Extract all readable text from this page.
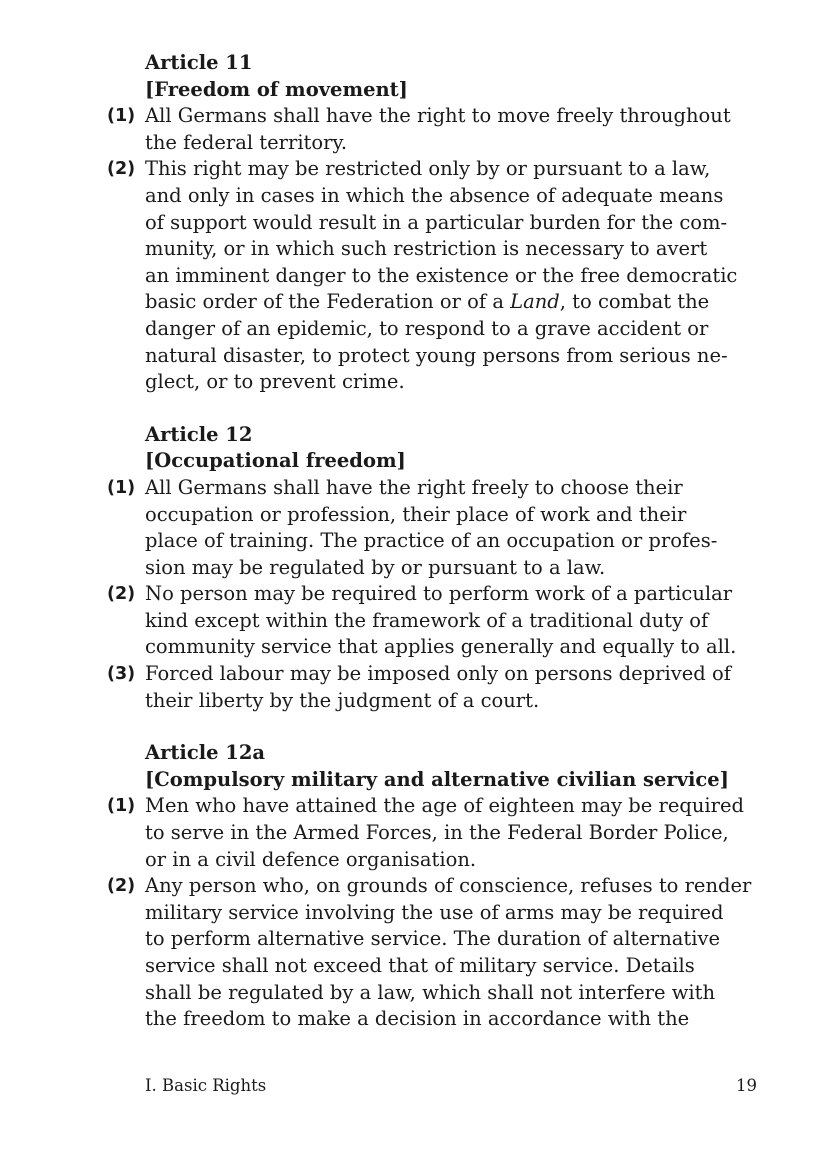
Article 11
[Freedom of movement]
(1) All Germans shall have the right to move freely throughout
the federal territory.
(2) This right may be restricted only by or pursuant to a law,
and only in cases in which the absence of adequate means
of support would result in a particular burden for the com-
munity, or in which such restriction is necessary to avert
an imminent danger to the existence or the free democratic
basic order of the Federation or of a Land, to combat the
danger of an epidemic, to respond to a grave accident or
natural disaster, to protect young persons from serious ne-
glect, or to prevent crime.
Article 12
[Occupational freedom]
(1) All Germans shall have the right freely to choose their
occupation or profession, their place of work and their
place of training. The practice of an occupation or profes-
sion may be regulated by or pursuant to a law.
(2) No person may be required to perform work of a particular
kind except within the framework of a traditional duty of
community service that applies generally and equally to all.
(3) Forced labour may be imposed only on persons deprived of
their liberty by the judgment of a court.
Article 12a
[Compulsory military and alternative civilian service]
(1) Men who have attained the age of eighteen may be required
to serve in the Armed Forces, in the Federal Border Police,
or in a civil defence organisation.
(2) Any person who, on grounds of conscience, refuses to render
military service involving the use of arms may be required
to perform alternative service. The duration of alternative
service shall not exceed that of military service. Details
shall be regulated by a law, which shall not interfere with
the freedom to make a decision in accordance with the
I. Basic Rights	19
